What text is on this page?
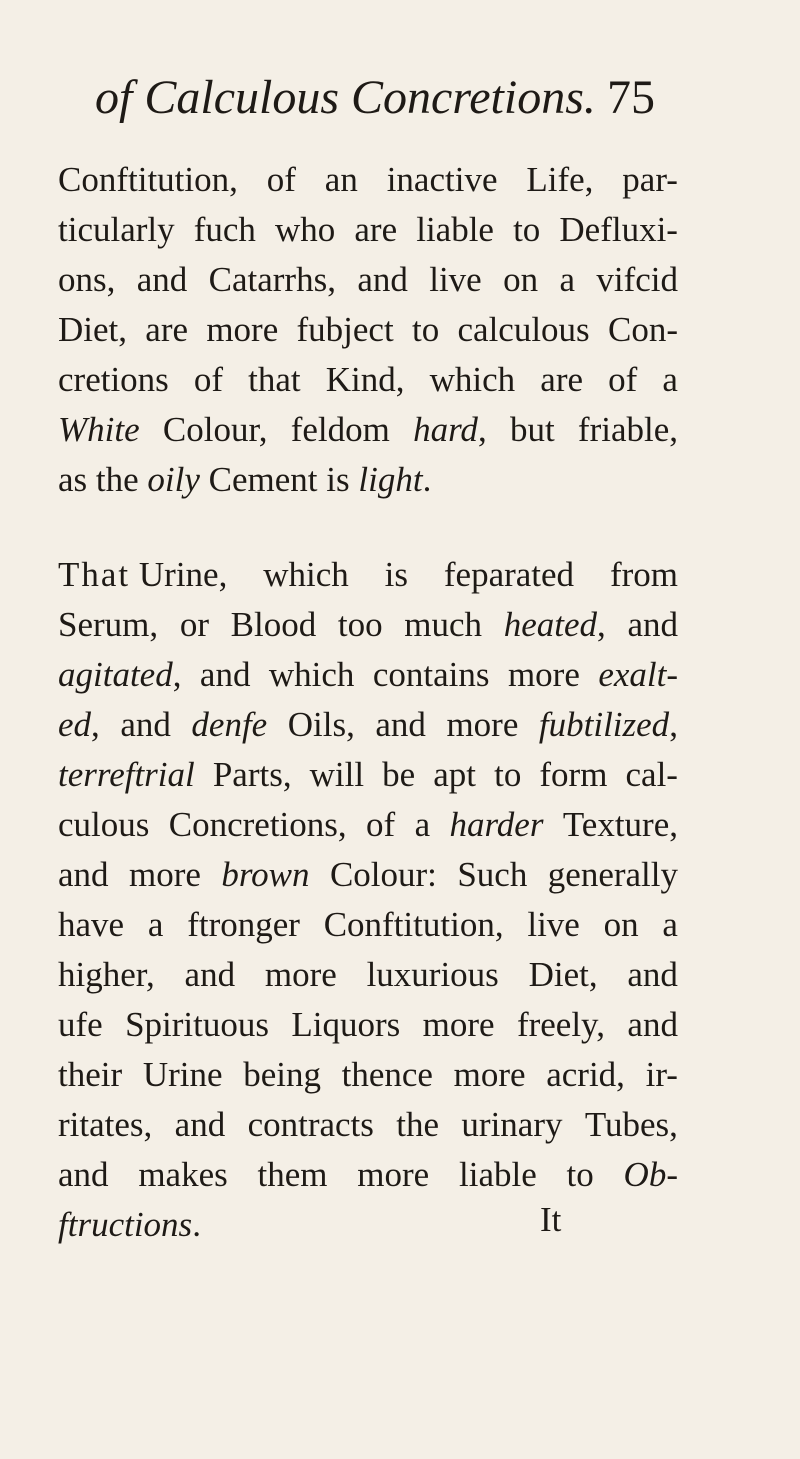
of Calculous Concretions. 75
Conftitution, of an inactive Life, par-
ticularly fuch who are liable to Defluxi-
ons, and Catarrhs, and live on a vifcid
Diet, are more fubject to calculous Con-
cretions of that Kind, which are of a
White Colour, feldom hard, but friable,
as the oily Cement is light.
That Urine, which is feparated from
Serum, or Blood too much heated, and
agitated, and which contains more exalt-
ed, and denfe Oils, and more fubtilized,
terreftrial Parts, will be apt to form cal-
culous Concretions, of a harder Texture,
and more brown Colour: Such generally
have a ftronger Conftitution, live on a
higher, and more luxurious Diet, and
ufe Spirituous Liquors more freely, and
their Urine being thence more acrid, ir-
ritates, and contracts the urinary Tubes,
and makes them more liable to Ob-
ftructions.	It
